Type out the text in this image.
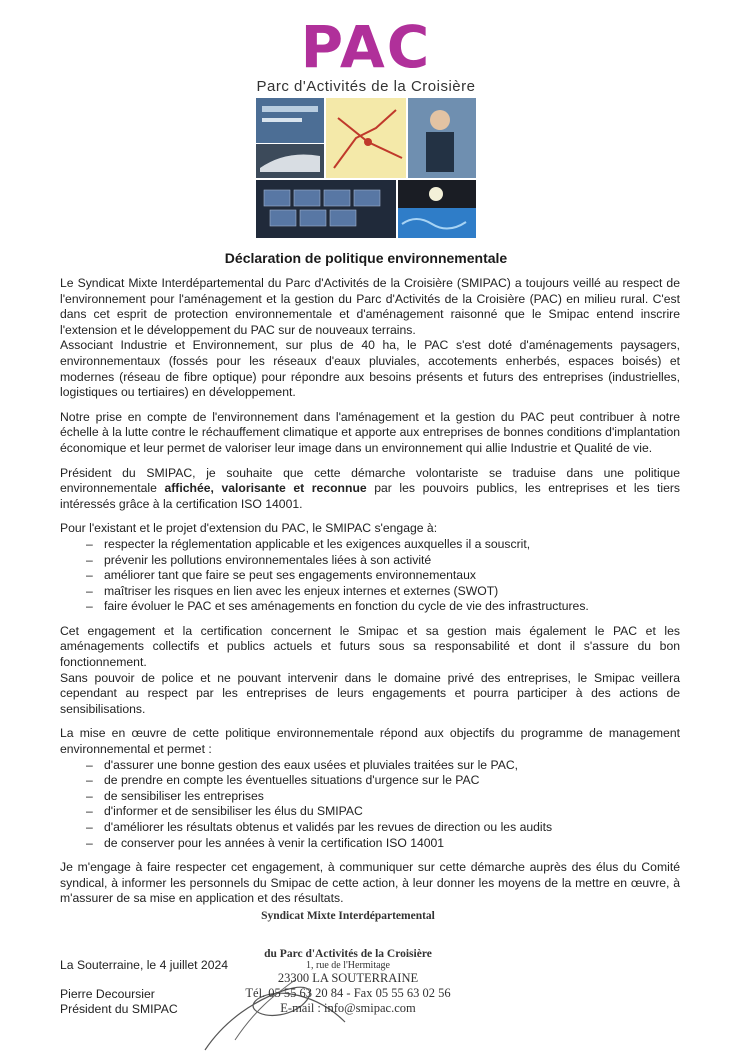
PAC
Parc d'Activités de la Croisière
Déclaration de politique environnementale

Le Syndicat Mixte Interdépartemental du Parc d'Activités de la Croisière (SMIPAC) a toujours veillé au respect de l'environnement pour l'aménagement et la gestion du Parc d'Activités de la Croisière (PAC) en milieu rural. C'est dans cet esprit de protection environnementale et d'aménagement raisonné que le Smipac entend inscrire l'extension et le développement du PAC sur de nouveaux terrains.

Associant Industrie et Environnement, sur plus de 40 ha, le PAC s'est doté d'aménagements paysagers, environnementaux (fossés pour les réseaux d'eaux pluviales, accotements enherbés, espaces boisés) et modernes (réseau de fibre optique) pour répondre aux besoins présents et futurs des entreprises (industrielles, logistiques ou tertiaires) en développement.

Notre prise en compte de l'environnement dans l'aménagement et la gestion du PAC peut contribuer à notre échelle à la lutte contre le réchauffement climatique et apporte aux entreprises de bonnes conditions d'implantation économique et leur permet de valoriser leur image dans un environnement qui allie Industrie et Qualité de vie.

Président du SMIPAC, je souhaite que cette démarche volontariste se traduise dans une politique environnementale affichée, valorisante et reconnue par les pouvoirs publics, les entreprises et les tiers intéressés grâce à la certification ISO 14001.

Pour l'existant et le projet d'extension du PAC, le SMIPAC s'engage à:

– respecter la réglementation applicable et les exigences auxquelles il a souscrit,
– prévenir les pollutions environnementales liées à son activité
– améliorer tant que faire se peut ses engagements environnementaux
– maîtriser les risques en lien avec les enjeux internes et externes (SWOT)
– faire évoluer le PAC et ses aménagements en fonction du cycle de vie des infrastructures.

Cet engagement et la certification concernent le Smipac et sa gestion mais également le PAC et les aménagements collectifs et publics actuels et futurs sous sa responsabilité et dont il s'assure du bon fonctionnement.

Sans pouvoir de police et ne pouvant intervenir dans le domaine privé des entreprises, le Smipac veillera cependant au respect par les entreprises de leurs engagements et pourra participer à des actions de sensibilisations.

La mise en œuvre de cette politique environnementale répond aux objectifs du programme de management environnemental et permet :

– d'assurer une bonne gestion des eaux usées et pluviales traitées sur le PAC,
– de prendre en compte les éventuelles situations d'urgence sur le PAC
– de sensibiliser les entreprises
– d'informer et de sensibiliser les élus du SMIPAC
– d'améliorer les résultats obtenus et validés par les revues de direction ou les audits
– de conserver pour les années à venir la certification ISO 14001

Je m'engage à faire respecter cet engagement, à communiquer sur cette démarche auprès des élus du Comité syndical, à informer les personnels du Smipac de cette action, à leur donner les moyens de la mettre en œuvre, à m'assurer de sa mise en application et des résultats.

La Souterraine, le 4 juillet 2024
Pierre Decoursier
Président du SMIPAC
Syndicat Mixte Interdépartemental
du Parc d'Activités de la Croisière
1, rue de l'Hermitage
23300 LA SOUTERRAINE
Tél. 05 55 63 20 84 - Fax 05 55 63 02 56
E-mail : info@smipac.com
